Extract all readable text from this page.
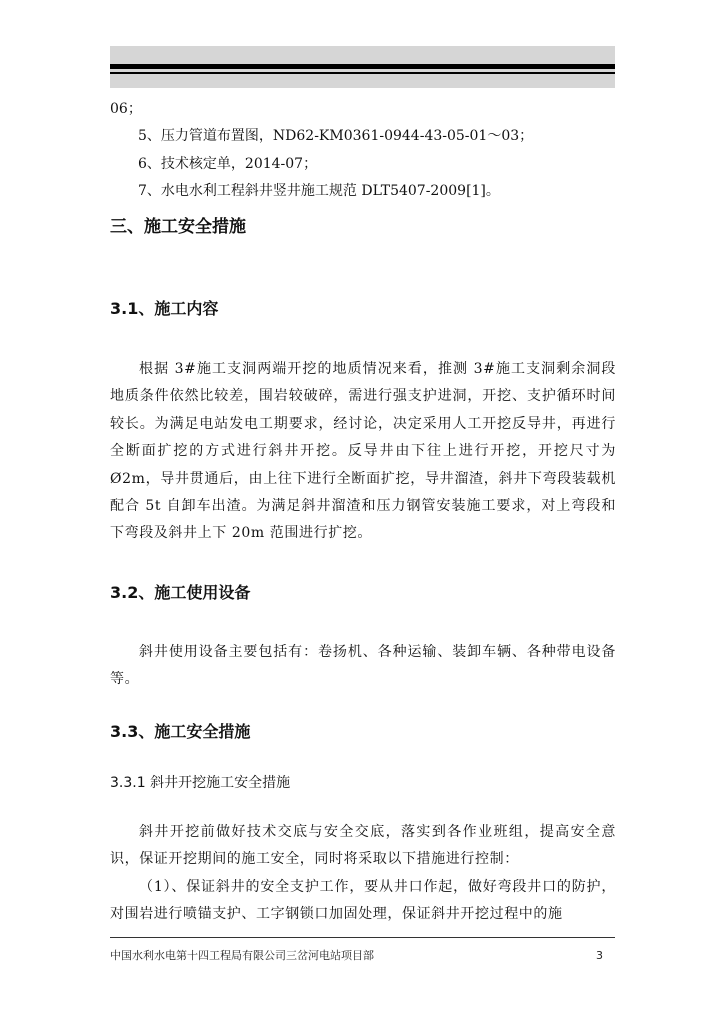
06；
5、压力管道布置图，ND62-KM0361-0944-43-05-01～03；
6、技术核定单，2014-07；
7、水电水利工程斜井竖井施工规范 DLT5407-2009[1]。
三、施工安全措施
3.1、施工内容
根据 3#施工支洞两端开挖的地质情况来看，推测 3#施工支洞剩余洞段地质条件依然比较差，围岩较破碎，需进行强支护进洞，开挖、支护循环时间较长。为满足电站发电工期要求，经讨论，决定采用人工开挖反导井，再进行全断面扩挖的方式进行斜井开挖。反导井由下往上进行开挖，开挖尺寸为Ø2m，导井贯通后，由上往下进行全断面扩挖，导井溜渣，斜井下弯段装载机配合 5t 自卸车出渣。为满足斜井溜渣和压力钢管安装施工要求，对上弯段和下弯段及斜井上下 20m 范围进行扩挖。
3.2、施工使用设备
斜井使用设备主要包括有：卷扬机、各种运输、装卸车辆、各种带电设备等。
3.3、施工安全措施
3.3.1 斜井开挖施工安全措施
斜井开挖前做好技术交底与安全交底，落实到各作业班组，提高安全意识，保证开挖期间的施工安全，同时将采取以下措施进行控制：
（1）、保证斜井的安全支护工作，要从井口作起，做好弯段井口的防护，对围岩进行喷锚支护、工字钢锁口加固处理，保证斜井开挖过程中的施
中国水利水电第十四工程局有限公司三岔河电站项目部	3
